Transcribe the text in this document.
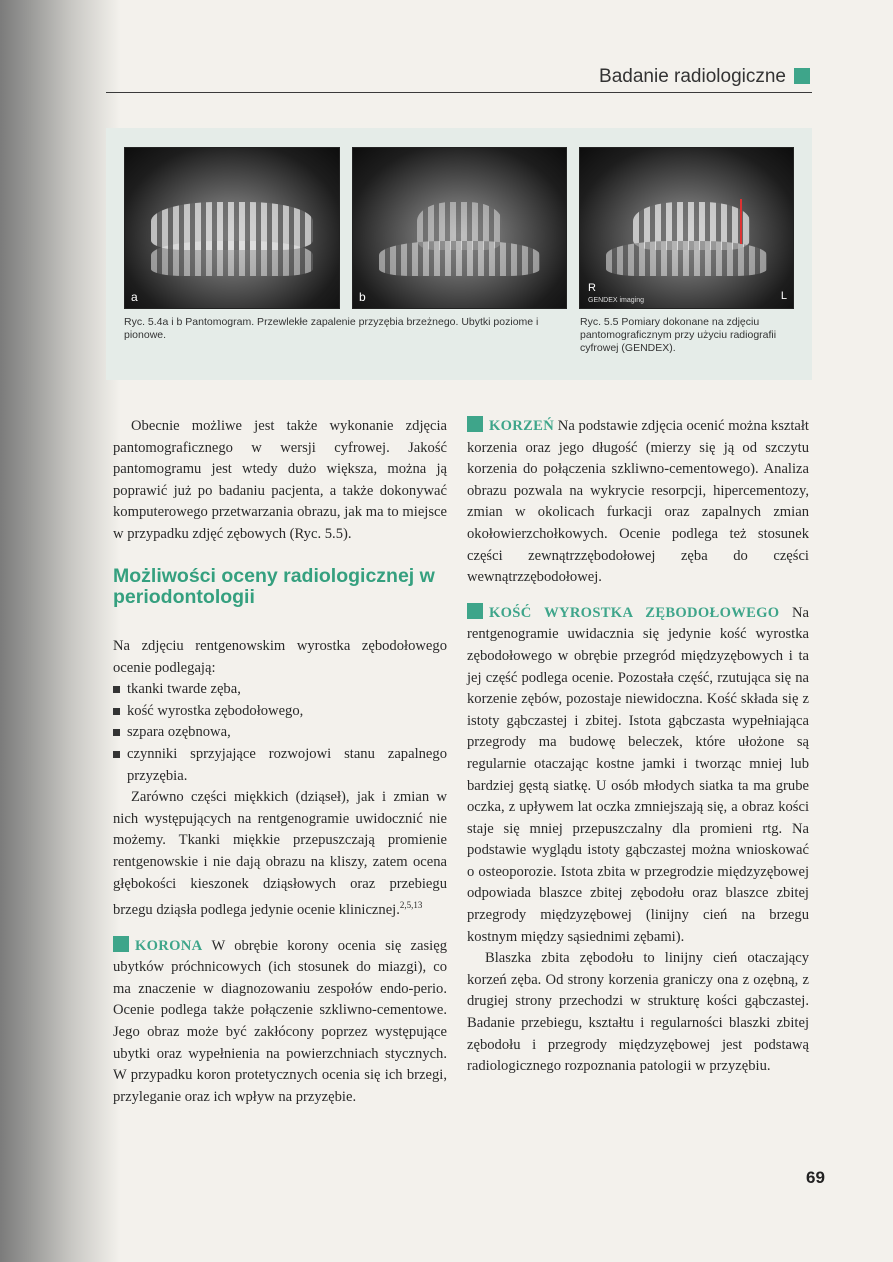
Badanie radiologiczne
a	b
R
L
GENDEX imaging
Ryc. 5.4a i b Pantomogram. Przewlekłe zapalenie przyzębia brzeżnego. Ubytki poziome i pionowe.
Ryc. 5.5 Pomiary dokonane na zdjęciu pantomograficznym przy użyciu radiografii cyfrowej (GENDEX).

Obecnie możliwe jest także wykonanie zdjęcia pantomograficznego w wersji cyfrowej. Jakość pantomogramu jest wtedy dużo większa, można ją poprawić już po badaniu pacjenta, a także dokonywać komputerowego przetwarzania obrazu, jak ma to miejsce w przypadku zdjęć zębowych (Ryc. 5.5).

Możliwości oceny radiologicznej w periodontologii

Na zdjęciu rentgenowskim wyrostka zębodołowego ocenie podlegają:

tkanki twarde zęba,
kość wyrostka zębodołowego,
szpara ozębnowa,
czynniki sprzyjające rozwojowi stanu zapalnego przyzębia.

Zarówno części miękkich (dziąseł), jak i zmian w nich występujących na rentgenogramie uwidocznić nie możemy. Tkanki miękkie przepuszczają promienie rentgenowskie i nie dają obrazu na kliszy, zatem ocena głębokości kieszonek dziąsłowych oraz przebiegu brzegu dziąsła podlega jedynie ocenie klinicznej.$^{2,5,13}$

KORONA W obrębie korony ocenia się zasięg ubytków próchnicowych (ich stosunek do miazgi), co ma znaczenie w diagnozowaniu zespołów endo-perio. Ocenie podlega także połączenie szkliwno-cementowe. Jego obraz może być zakłócony poprzez występujące ubytki oraz wypełnienia na powierzchniach stycznych. W przypadku koron protetycznych ocenia się ich brzegi, przyleganie oraz ich wpływ na przyzębie.

KORZEŃ Na podstawie zdjęcia ocenić można kształt korzenia oraz jego długość (mierzy się ją od szczytu korzenia do połączenia szkliwno-cementowego). Analiza obrazu pozwala na wykrycie resorpcji, hipercementozy, zmian w okolicach furkacji oraz zapalnych zmian okołowierzchołkowych. Ocenie podlega też stosunek części zewnątrzzębodołowej zęba do części wewnątrzzębodołowej.

KOŚĆ WYROSTKA ZĘBODOŁOWEGO Na rentgenogramie uwidacznia się jedynie kość wyrostka zębodołowego w obrębie przegród międzyzębowych i ta jej część podlega ocenie. Pozostała część, rzutująca się na korzenie zębów, pozostaje niewidoczna. Kość składa się z istoty gąbczastej i zbitej. Istota gąbczasta wypełniająca przegrody ma budowę beleczek, które ułożone są regularnie otaczając kostne jamki i tworząc mniej lub bardziej gęstą siatkę. U osób młodych siatka ta ma grube oczka, z upływem lat oczka zmniejszają się, a obraz kości staje się mniej przepuszczalny dla promieni rtg. Na podstawie wyglądu istoty gąbczastej można wnioskować o osteoporozie. Istota zbita w przegrodzie międzyzębowej odpowiada blaszce zbitej zębodołu oraz blaszce zbitej przegrody międzyzębowej (linijny cień na brzegu kostnym między sąsiednimi zębami).

Blaszka zbita zębodołu to linijny cień otaczający korzeń zęba. Od strony korzenia graniczy ona z ozębną, z drugiej strony przechodzi w strukturę kości gąbczastej. Badanie przebiegu, kształtu i regularności blaszki zbitej zębodołu i przegrody międzyzębowej jest podstawą radiologicznego rozpoznania patologii w przyzębiu.

69
